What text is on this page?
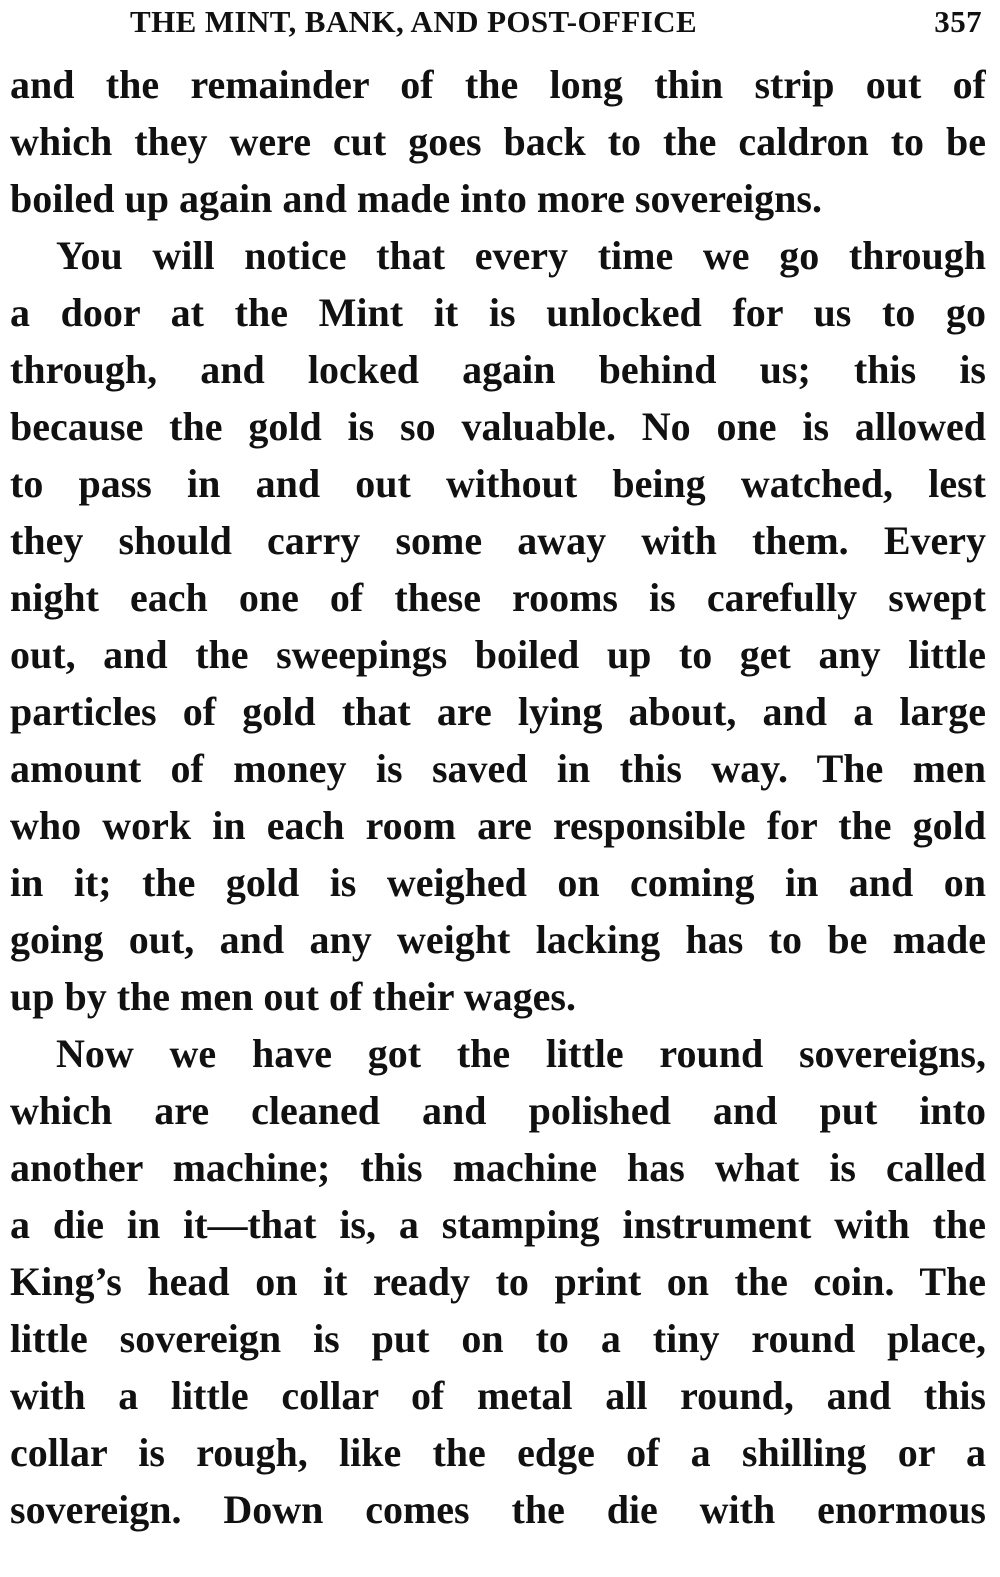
THE MINT, BANK, AND POST-OFFICE	357

and the remainder of the long thin strip out of
which they were cut goes back to the caldron to be
boiled up again and made into more sovereigns.

You will notice that every time we go through
a door at the Mint it is unlocked for us to go
through, and locked again behind us; this is
because the gold is so valuable. No one is allowed
to pass in and out without being watched, lest
they should carry some away with them. Every
night each one of these rooms is carefully swept
out, and the sweepings boiled up to get any little
particles of gold that are lying about, and a large
amount of money is saved in this way. The men
who work in each room are responsible for the gold
in it; the gold is weighed on coming in and on
going out, and any weight lacking has to be made
up by the men out of their wages.

Now we have got the little round sovereigns,
which are cleaned and polished and put into
another machine; this machine has what is called
a die in it—that is, a stamping instrument with the
King’s head on it ready to print on the coin. The
little sovereign is put on to a tiny round place,
with a little collar of metal all round, and this
collar is rough, like the edge of a shilling or a
sovereign. Down comes the die with enormous
